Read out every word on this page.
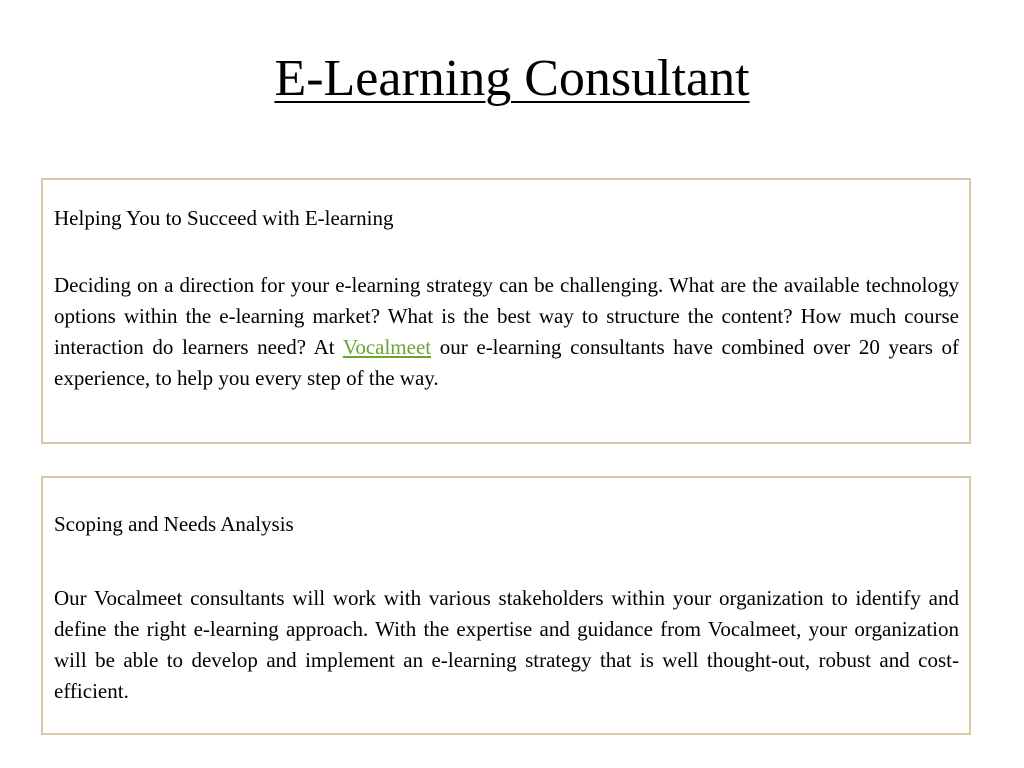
E-Learning Consultant

Helping You to Succeed with E-learning

Deciding on a direction for your e-learning strategy can be challenging. What are the available technology options within the e-learning market? What is the best way to structure the content? How much course interaction do learners need? At Vocalmeet our e-learning consultants have combined over 20 years of experience, to help you every step of the way.

Scoping and Needs Analysis

Our Vocalmeet consultants will work with various stakeholders within your organization to identify and define the right e-learning approach. With the expertise and guidance from Vocalmeet, your organization will be able to develop and implement an e-learning strategy that is well thought-out, robust and cost-efficient.
